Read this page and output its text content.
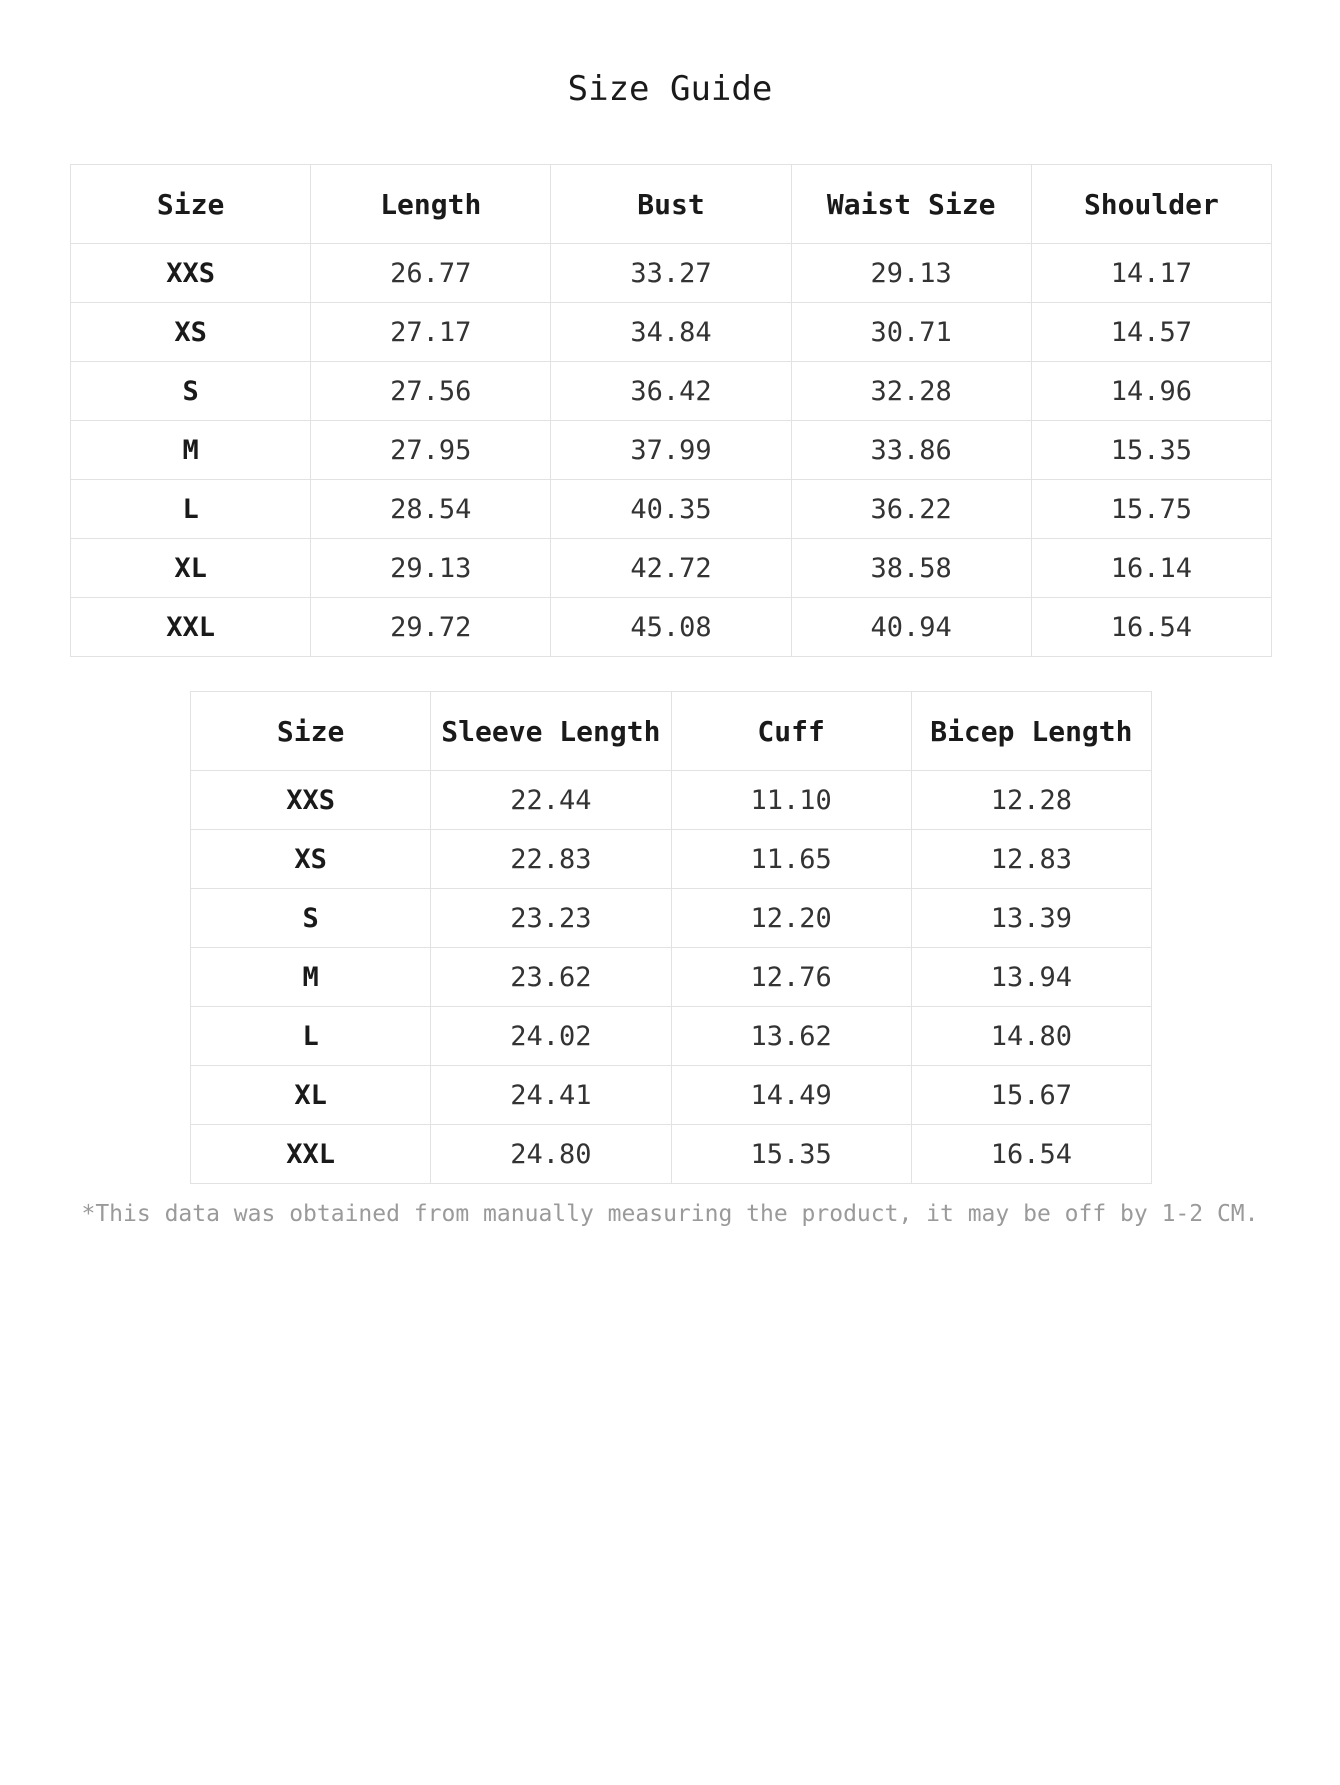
Size Guide
Size	Length	Bust	Waist Size	Shoulder
XXS	26.77	33.27	29.13	14.17
XS	27.17	34.84	30.71	14.57
S	27.56	36.42	32.28	14.96
M	27.95	37.99	33.86	15.35
L	28.54	40.35	36.22	15.75
XL	29.13	42.72	38.58	16.14
XXL	29.72	45.08	40.94	16.54
Size	Sleeve Length	Cuff	Bicep Length
XXS	22.44	11.10	12.28
XS	22.83	11.65	12.83
S	23.23	12.20	13.39
M	23.62	12.76	13.94
L	24.02	13.62	14.80
XL	24.41	14.49	15.67
XXL	24.80	15.35	16.54
*This data was obtained from manually measuring the product, it may be off by 1-2 CM.
